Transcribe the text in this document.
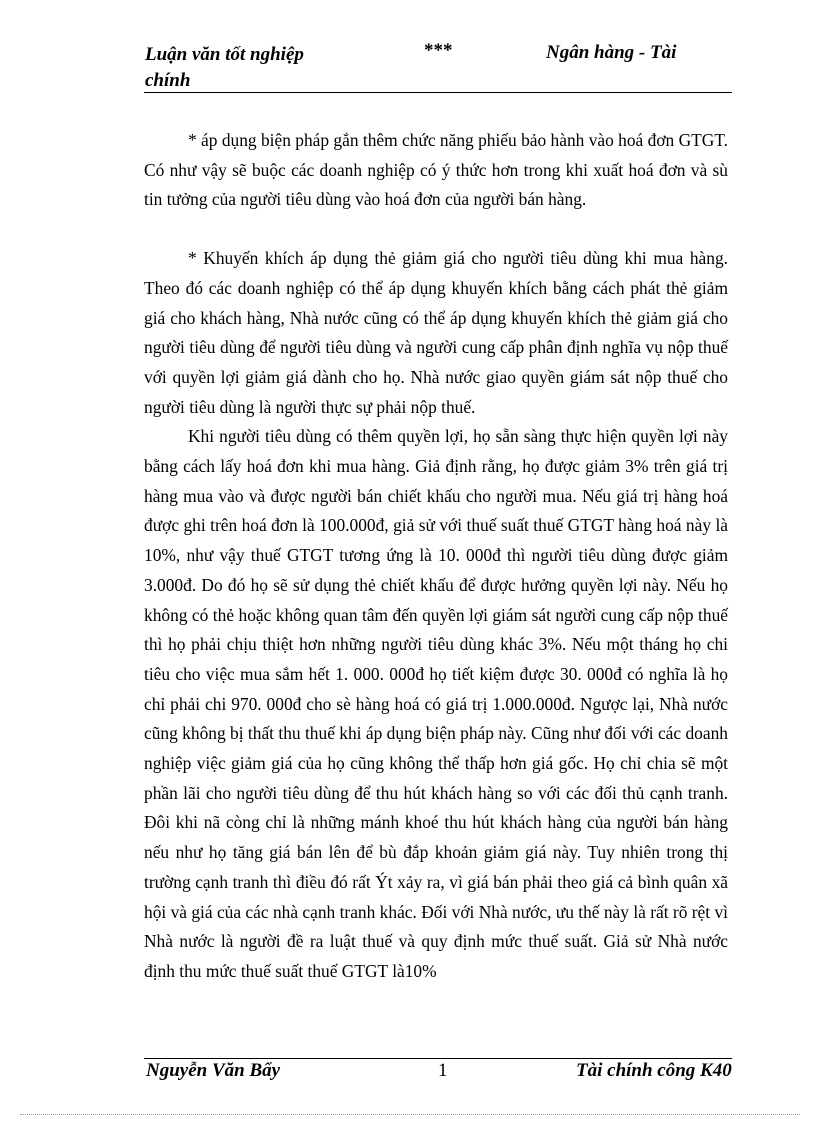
Luận văn tốt nghiệp
chính
***	Ngân hàng - Tài

* áp dụng biện pháp gắn thêm chức năng phiếu bảo hành vào hoá đơn GTGT. Có như vậy sẽ buộc các doanh nghiệp có ý thức hơn trong khi xuất hoá đơn và sù tin tưởng của người tiêu dùng vào hoá đơn của người bán hàng.

* Khuyến khích áp dụng thẻ giảm giá cho người tiêu dùng khi mua hàng. Theo đó các doanh nghiệp có thể áp dụng khuyến khích bằng cách phát thẻ giảm giá cho khách hàng, Nhà nước cũng có thể áp dụng khuyến khích thẻ giảm giá cho người tiêu dùng để người tiêu dùng và người cung cấp phân định nghĩa vụ nộp thuế với quyền lợi giảm giá dành cho họ. Nhà nước giao quyền giám sát nộp thuế cho người tiêu dùng là người thực sự phải nộp thuế.

Khi người tiêu dùng có thêm quyền lợi, họ sẵn sàng thực hiện quyền lợi này bằng cách lấy hoá đơn khi mua hàng. Giả định rằng, họ được giảm 3% trên giá trị hàng mua vào và được người bán chiết khấu cho người mua. Nếu giá trị hàng hoá được ghi trên hoá đơn là 100.000đ, giả sử với thuế suất thuế GTGT hàng hoá này là 10%, như vậy thuế GTGT tương ứng là 10. 000đ thì người tiêu dùng được giảm 3.000đ. Do đó họ sẽ sử dụng thẻ chiết khấu để được hưởng quyền lợi này. Nếu họ không có thẻ hoặc không quan tâm đến quyền lợi giám sát người cung cấp nộp thuế thì họ phải chịu thiệt hơn những người tiêu dùng khác 3%. Nếu một tháng họ chi tiêu cho việc mua sắm hết 1. 000. 000đ họ tiết kiệm được 30. 000đ có nghĩa là họ chỉ phải chi 970. 000đ cho sè hàng hoá có giá trị 1.000.000đ. Ngược lại, Nhà nước cũng không bị thất thu thuế khi áp dụng biện pháp này. Cũng như đối với các doanh nghiệp việc giảm giá của họ cũng không thể thấp hơn giá gốc. Họ chỉ chia sẽ một phần lãi cho người tiêu dùng để thu hút khách hàng so với các đối thủ cạnh tranh. Đôi khi nã còng chỉ là những mánh khoé thu hút khách hàng của người bán hàng nếu như họ tăng giá bán lên để bù đắp khoản giảm giá này. Tuy nhiên trong thị trường cạnh tranh thì điều đó rất Ýt xảy ra, vì giá bán phải theo giá cả bình quân xã hội và giá của các nhà cạnh tranh khác. Đối với Nhà nước, ưu thế này là rất rõ rệt vì Nhà nước là người đề ra luật thuế và quy định mức thuế suất. Giả sử Nhà nước định thu mức thuế suất thuế GTGT là10%

Nguyễn Văn Bẩy	1	Tài chính công K40
